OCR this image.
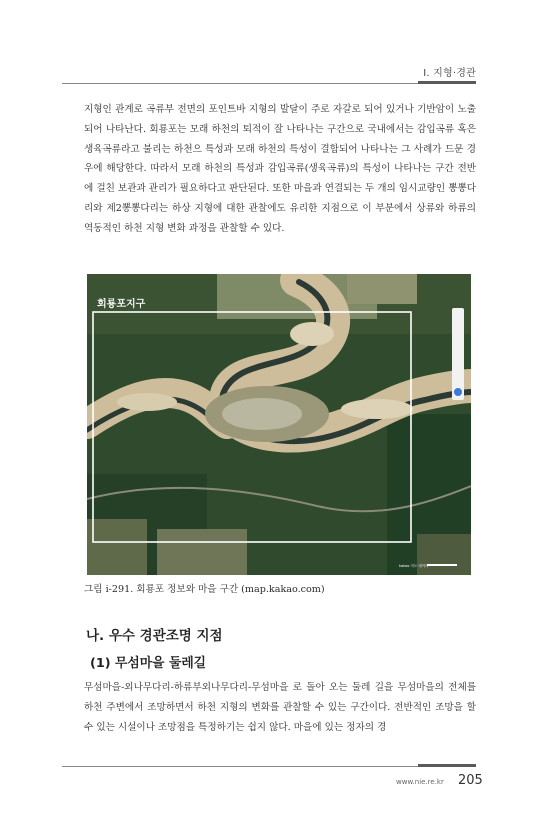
Ⅰ. 지형·경관

지형인 관계로 곡류부 전면의 포인트바 지형의 발달이 주로 자갈로 되어 있거나 기반암이 노출되어 나타난다. 회룡포는 모래 하천의 퇴적이 잘 나타나는 구간으로 국내에서는 감입곡류 혹은 생육곡류라고 불리는 하천으 특성과 모래 하천의 특성이 결합되어 나타나는 그 사례가 드문 경우에 해당한다. 따라서 모래 하천의 특성과 감입곡류(생육곡류)의 특성이 나타나는 구간 전반에 걸친 보관과 관리가 필요하다고 판단된다. 또한 마을과 연결되는 두 개의 임시교량인 뽕뽕다리와 제2뽕뽕다리는 하상 지형에 대한 관찰에도 유리한 지점으로 이 부분에서 상류와 하류의 역동적인 하천 지형 변화 과정을 관찰할 수 있다.

회룡포지구
kakao 지도 데이터
그림 ⅰ-291. 회룡포 정보와 마을 구간 (map.kakao.com)
나. 우수 경관조명 지점
(1) 무섬마을 둘레길

무섬마을-외나무다리-하류부외나무다리-무섬마을 로 돌아 오는 둘레 길을 무섬마을의 전체를 하천 주변에서 조망하면서 하천 지형의 변화를 관찰할 수 있는 구간이다. 전반적인 조망을 할 수 있는 시설이나 조망점을 특정하기는 쉽지 않다. 마을에 있는 정자의 경

www.nie.re.kr 205
